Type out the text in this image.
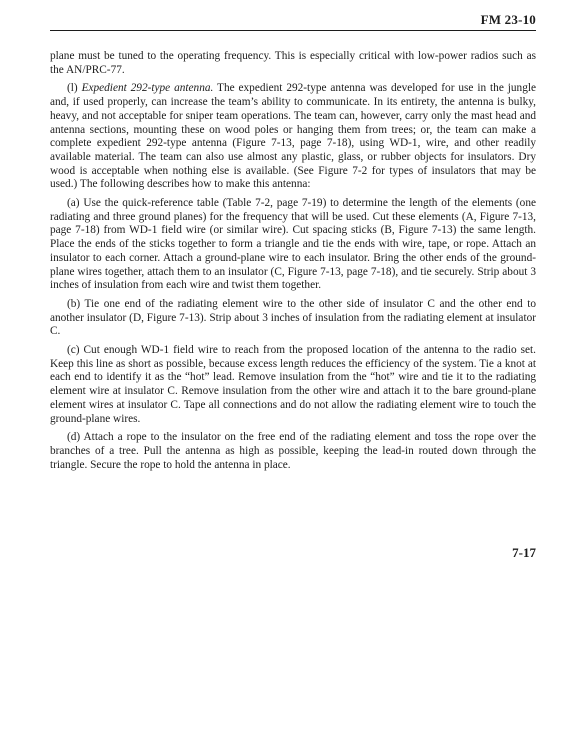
FM 23-10

plane must be tuned to the operating frequency. This is especially critical with low-power radios such as the AN/PRC-77.

(l) Expedient 292-type antenna. The expedient 292-type antenna was developed for use in the jungle and, if used properly, can increase the team’s ability to communicate. In its entirety, the antenna is bulky, heavy, and not acceptable for sniper team operations. The team can, however, carry only the mast head and antenna sections, mounting these on wood poles or hanging them from trees; or, the team can make a complete expedient 292-type antenna (Figure 7-13, page 7-18), using WD-1, wire, and other readily available material. The team can also use almost any plastic, glass, or rubber objects for insulators. Dry wood is acceptable when nothing else is available. (See Figure 7-2 for types of insulators that may be used.) The following describes how to make this antenna:

(a) Use the quick-reference table (Table 7-2, page 7-19) to determine the length of the elements (one radiating and three ground planes) for the frequency that will be used. Cut these elements (A, Figure 7-13, page 7-18) from WD-1 field wire (or similar wire). Cut spacing sticks (B, Figure 7-13) the same length. Place the ends of the sticks together to form a triangle and tie the ends with wire, tape, or rope. Attach an insulator to each corner. Attach a ground-plane wire to each insulator. Bring the other ends of the ground-plane wires together, attach them to an insulator (C, Figure 7-13, page 7-18), and tie securely. Strip about 3 inches of insulation from each wire and twist them together.

(b) Tie one end of the radiating element wire to the other side of insulator C and the other end to another insulator (D, Figure 7-13). Strip about 3 inches of insulation from the radiating element at insulator C.

(c) Cut enough WD-1 field wire to reach from the proposed location of the antenna to the radio set. Keep this line as short as possible, because excess length reduces the efficiency of the system. Tie a knot at each end to identify it as the “hot” lead. Remove insulation from the “hot” wire and tie it to the radiating element wire at insulator C. Remove insulation from the other wire and attach it to the bare ground-plane element wires at insulator C. Tape all connections and do not allow the radiating element wire to touch the ground-plane wires.

(d) Attach a rope to the insulator on the free end of the radiating element and toss the rope over the branches of a tree. Pull the antenna as high as possible, keeping the lead-in routed down through the triangle. Secure the rope to hold the antenna in place.

7-17
